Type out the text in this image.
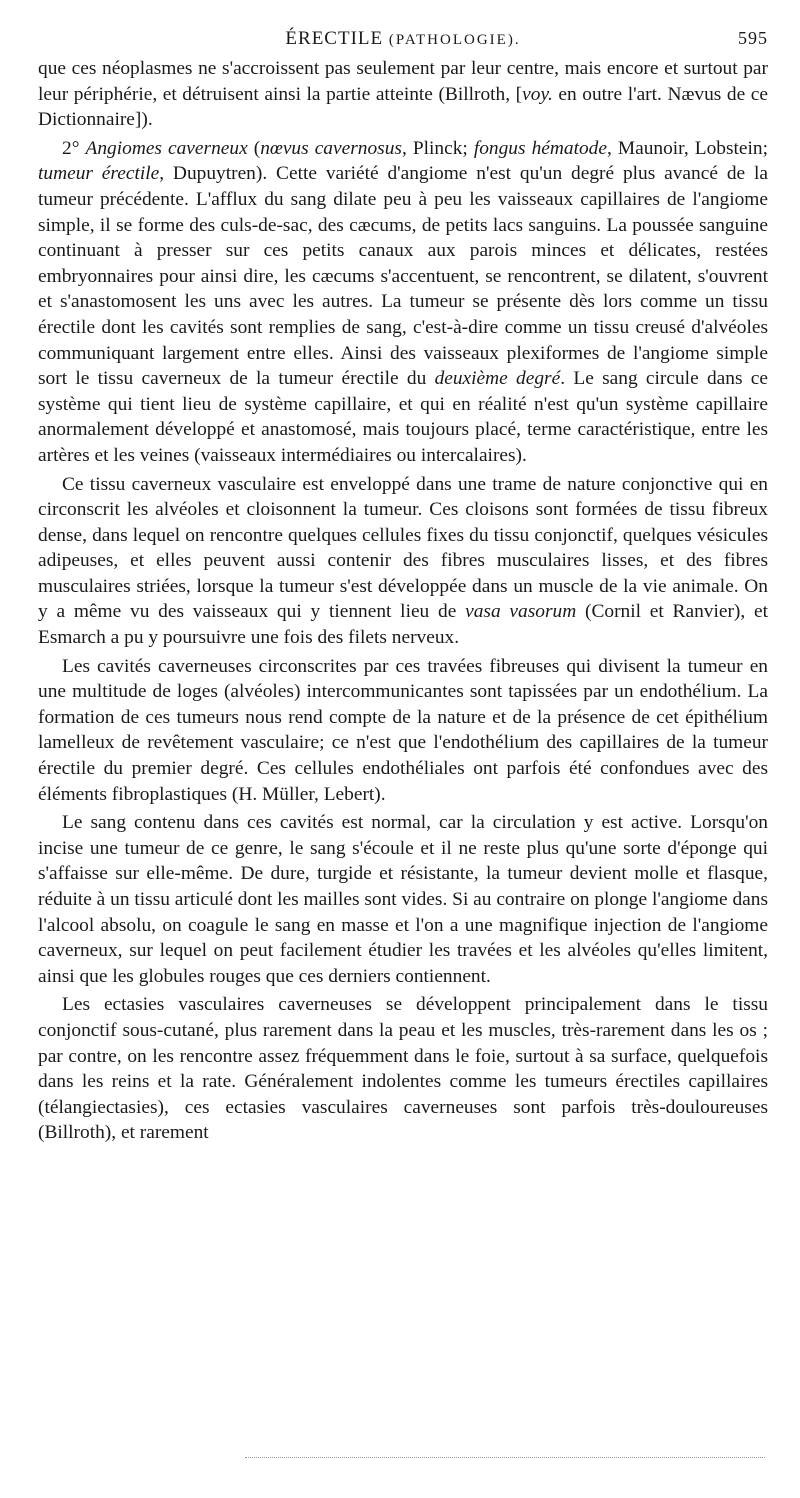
ÉRECTILE (PATHOLOGIE).	595

que ces néoplasmes ne s'accroissent pas seulement par leur centre, mais encore et surtout par leur périphérie, et détruisent ainsi la partie atteinte (Billroth, [voy. en outre l'art. Nævus de ce Dictionnaire]).

2° Angiomes caverneux (nœvus cavernosus, Plinck; fongus hématode, Maunoir, Lobstein; tumeur érectile, Dupuytren). Cette variété d'angiome n'est qu'un degré plus avancé de la tumeur précédente. L'afflux du sang dilate peu à peu les vaisseaux capillaires de l'angiome simple, il se forme des culs-de-sac, des cæcums, de petits lacs sanguins. La poussée sanguine continuant à presser sur ces petits canaux aux parois minces et délicates, restées embryonnaires pour ainsi dire, les cæcums s'accentuent, se rencontrent, se dilatent, s'ouvrent et s'anastomosent les uns avec les autres. La tumeur se présente dès lors comme un tissu érectile dont les cavités sont remplies de sang, c'est-à-dire comme un tissu creusé d'alvéoles communiquant largement entre elles. Ainsi des vaisseaux plexiformes de l'angiome simple sort le tissu caverneux de la tumeur érectile du deuxième degré. Le sang circule dans ce système qui tient lieu de système capillaire, et qui en réalité n'est qu'un système capillaire anormalement développé et anastomosé, mais toujours placé, terme caractéristique, entre les artères et les veines (vaisseaux intermédiaires ou intercalaires).

Ce tissu caverneux vasculaire est enveloppé dans une trame de nature conjonctive qui en circonscrit les alvéoles et cloisonnent la tumeur. Ces cloisons sont formées de tissu fibreux dense, dans lequel on rencontre quelques cellules fixes du tissu conjonctif, quelques vésicules adipeuses, et elles peuvent aussi contenir des fibres musculaires lisses, et des fibres musculaires striées, lorsque la tumeur s'est développée dans un muscle de la vie animale. On y a même vu des vaisseaux qui y tiennent lieu de vasa vasorum (Cornil et Ranvier), et Esmarch a pu y poursuivre une fois des filets nerveux.

Les cavités caverneuses circonscrites par ces travées fibreuses qui divisent la tumeur en une multitude de loges (alvéoles) intercommunicantes sont tapissées par un endothélium. La formation de ces tumeurs nous rend compte de la nature et de la présence de cet épithélium lamelleux de revêtement vasculaire; ce n'est que l'endothélium des capillaires de la tumeur érectile du premier degré. Ces cellules endothéliales ont parfois été confondues avec des éléments fibroplastiques (H. Müller, Lebert).

Le sang contenu dans ces cavités est normal, car la circulation y est active. Lorsqu'on incise une tumeur de ce genre, le sang s'écoule et il ne reste plus qu'une sorte d'éponge qui s'affaisse sur elle-même. De dure, turgide et résistante, la tumeur devient molle et flasque, réduite à un tissu articulé dont les mailles sont vides. Si au contraire on plonge l'angiome dans l'alcool absolu, on coagule le sang en masse et l'on a une magnifique injection de l'angiome caverneux, sur lequel on peut facilement étudier les travées et les alvéoles qu'elles limitent, ainsi que les globules rouges que ces derniers contiennent.

Les ectasies vasculaires caverneuses se développent principalement dans le tissu conjonctif sous-cutané, plus rarement dans la peau et les muscles, très-rarement dans les os ; par contre, on les rencontre assez fréquemment dans le foie, surtout à sa surface, quelquefois dans les reins et la rate. Généralement indolentes comme les tumeurs érectiles capillaires (télangiectasies), ces ectasies vasculaires caverneuses sont parfois très-douloureuses (Billroth), et rarement
